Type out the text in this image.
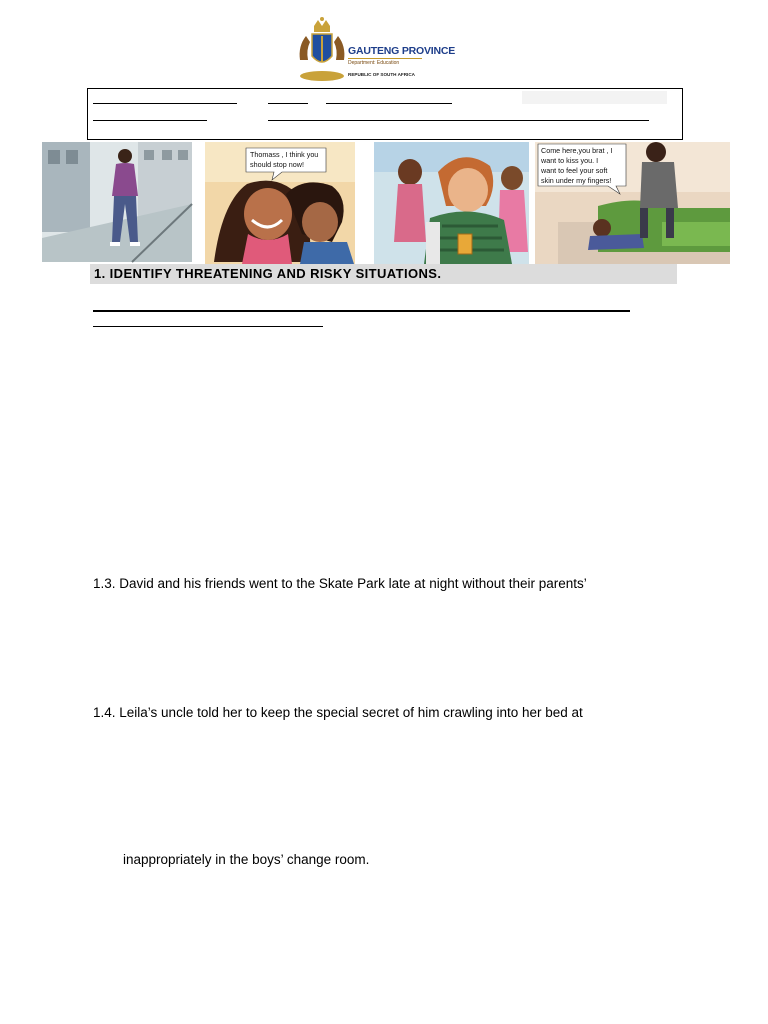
GAUTENG PROVINCE
Department: Education
REPUBLIC OF SOUTH AFRICA
Thomass , I think you
should stop now!
Come here,you brat , I
want to kiss you. I
want to feel your soft
skin under my fingers!
1. IDENTIFY THREATENING AND RISKY SITUATIONS.
1.3. David and his friends went to the Skate Park late at night without their parents’
1.4. Leila’s uncle told her to keep the special secret of him crawling into her bed at
inappropriately in the boys’ change room.
